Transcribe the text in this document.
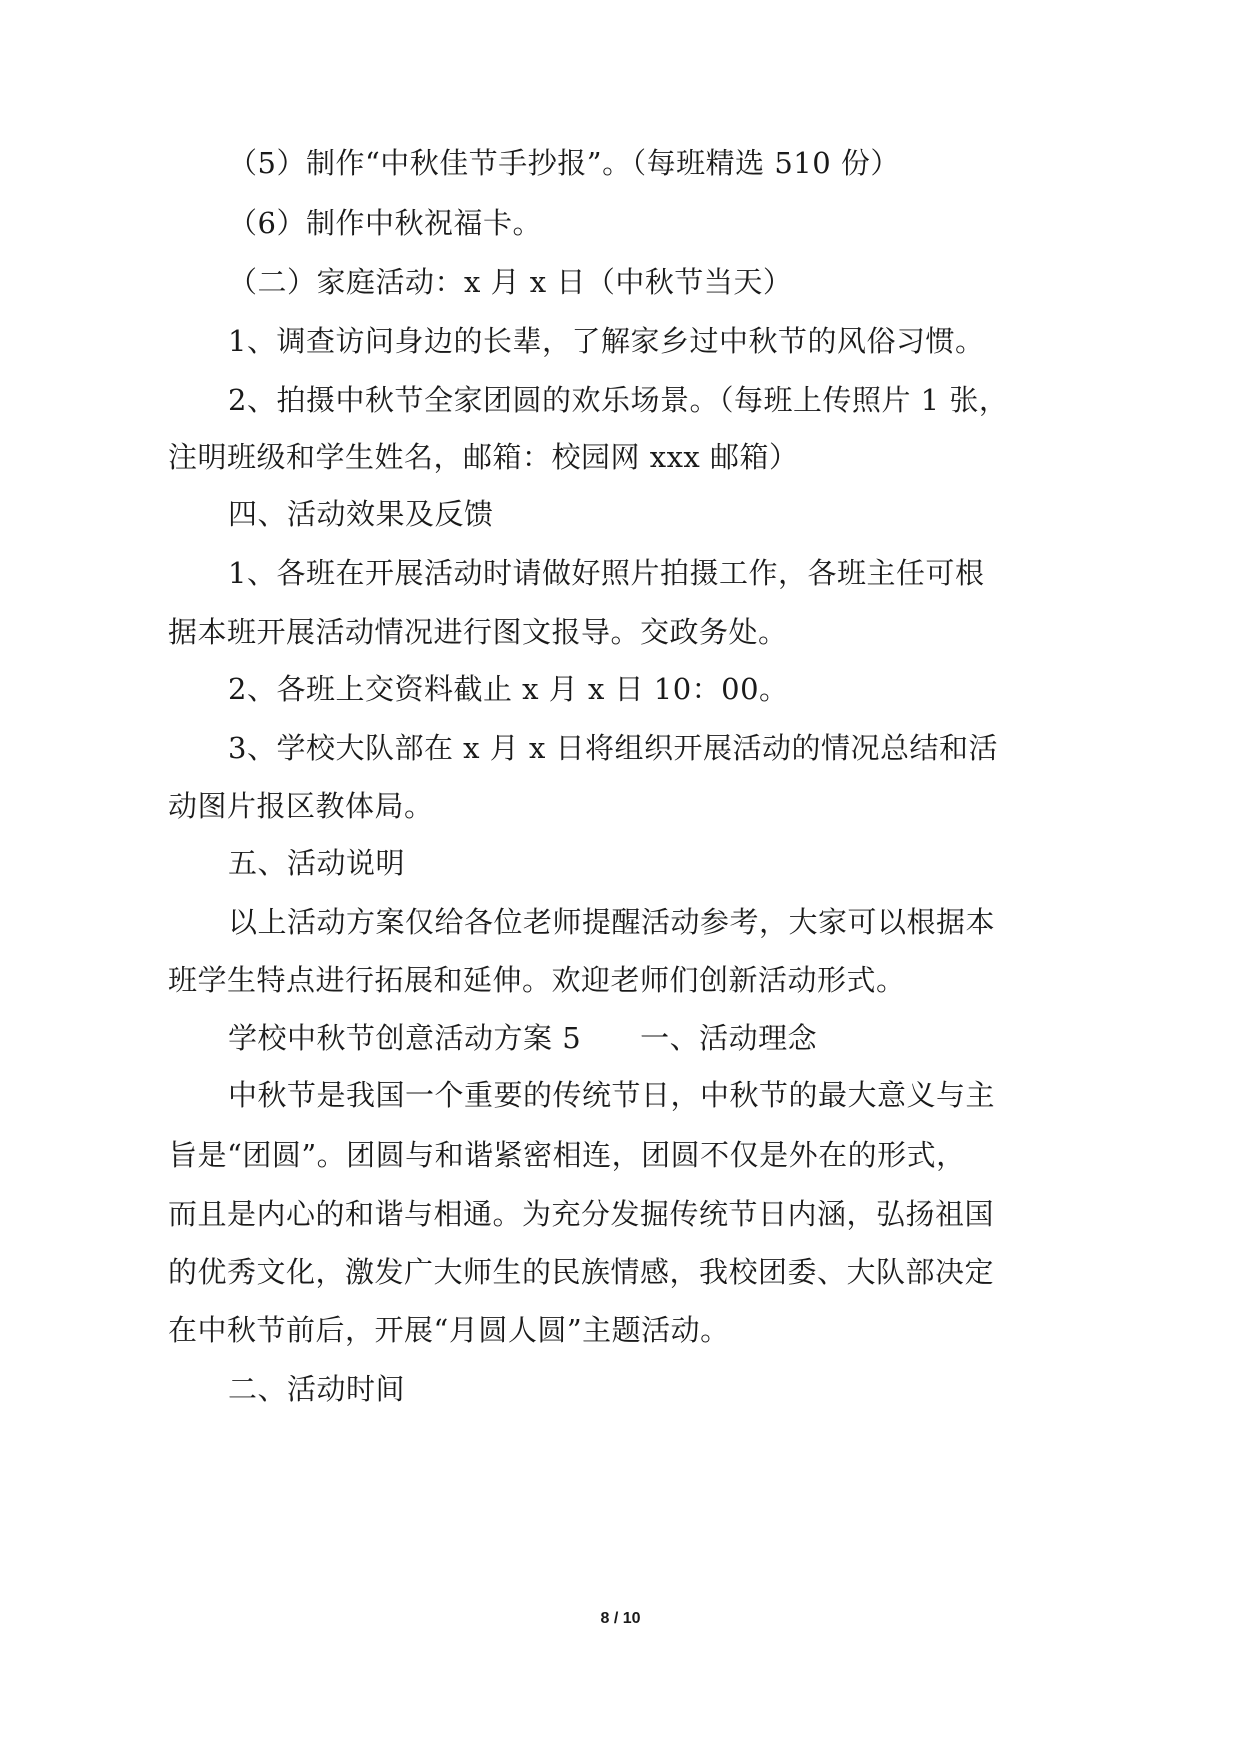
（5）制作“中秋佳节手抄报”。（每班精选 510 份）
（6）制作中秋祝福卡。
（二）家庭活动：x 月 x 日（中秋节当天）
1、调查访问身边的长辈，了解家乡过中秋节的风俗习惯。
2、拍摄中秋节全家团圆的欢乐场景。（每班上传照片 1 张，
注明班级和学生姓名，邮箱：校园网 xxx 邮箱）
四、活动效果及反馈
1、各班在开展活动时请做好照片拍摄工作，各班主任可根
据本班开展活动情况进行图文报导。交政务处。
2、各班上交资料截止 x 月 x 日 10：00。
3、学校大队部在 x 月 x 日将组织开展活动的情况总结和活
动图片报区教体局。
五、活动说明
以上活动方案仅给各位老师提醒活动参考，大家可以根据本
班学生特点进行拓展和延伸。欢迎老师们创新活动形式。
学校中秋节创意活动方案 5　　一、活动理念
中秋节是我国一个重要的传统节日，中秋节的最大意义与主
旨是“团圆”。团圆与和谐紧密相连，团圆不仅是外在的形式，
而且是内心的和谐与相通。为充分发掘传统节日内涵，弘扬祖国
的优秀文化，激发广大师生的民族情感，我校团委、大队部决定
在中秋节前后，开展“月圆人圆”主题活动。
二、活动时间
8 / 10
